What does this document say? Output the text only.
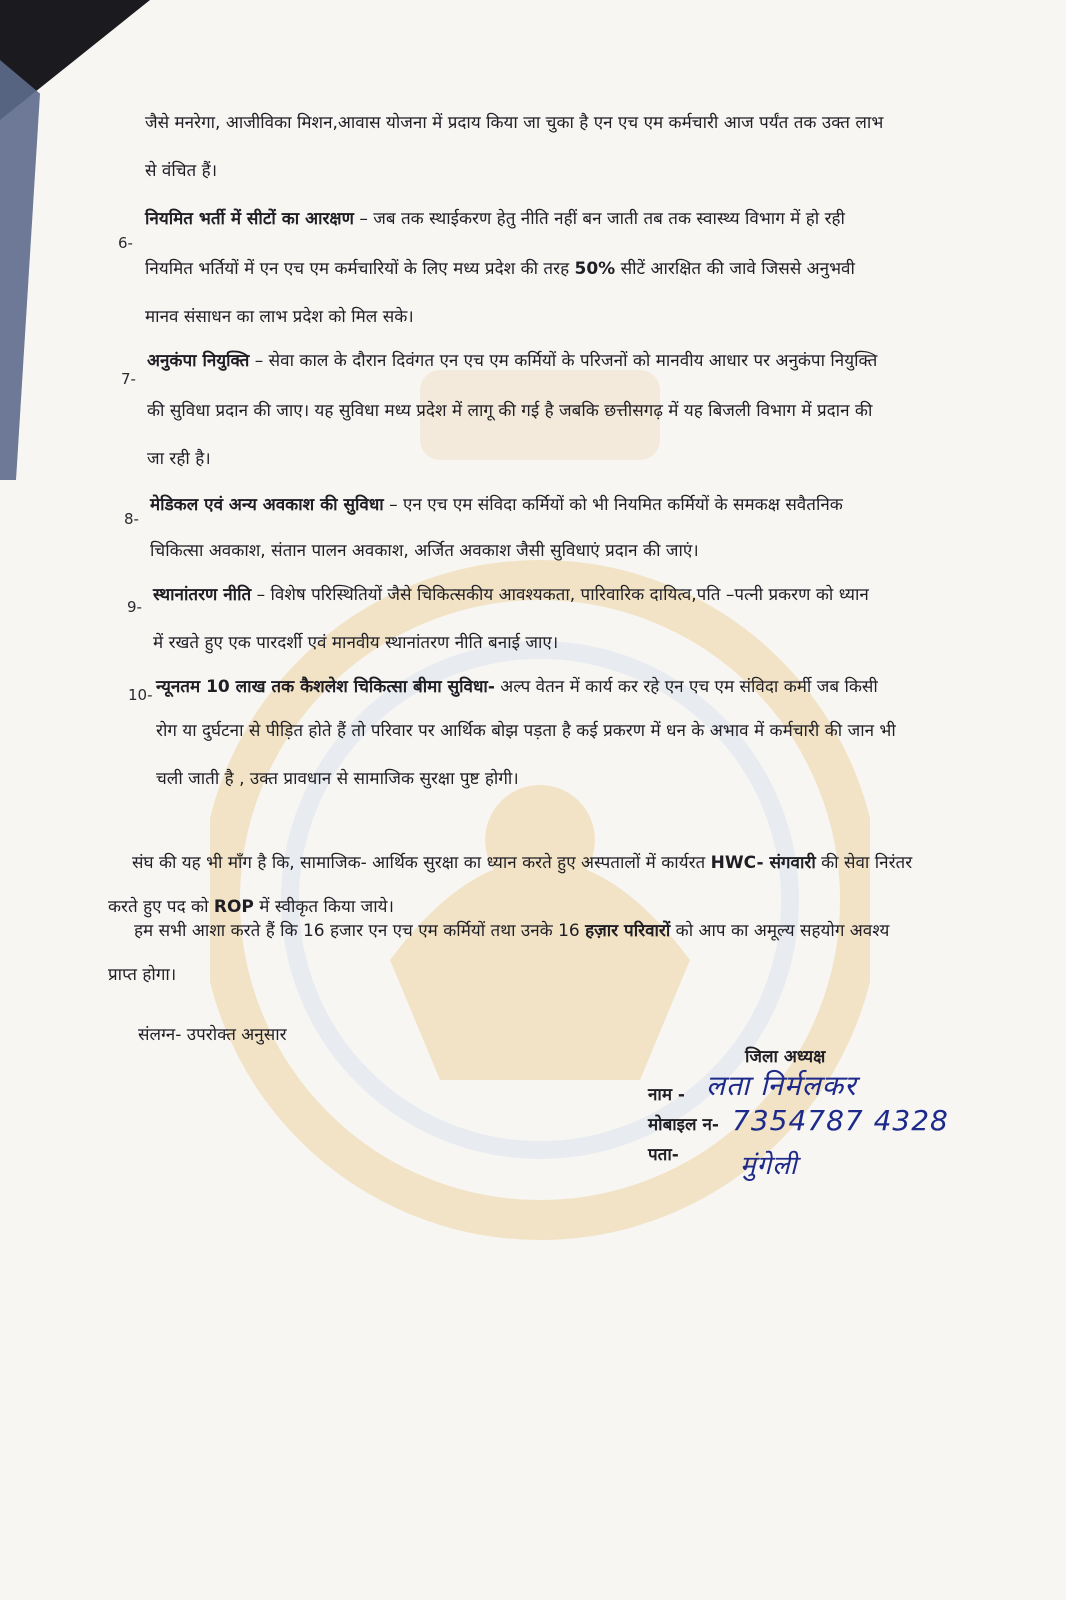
जैसे मनरेगा, आजीविका मिशन,आवास योजना में प्रदाय किया जा चुका है एन एच एम कर्मचारी आज पर्यंत तक उक्त लाभ
से वंचित हैं।
6-
नियमित भर्ती में सीटों का आरक्षण – जब तक स्थाईकरण हेतु नीति नहीं बन जाती तब तक स्वास्थ्य विभाग में हो रही
नियमित भर्तियों में एन एच एम कर्मचारियों के लिए मध्य प्रदेश की तरह 50% सीटें आरक्षित की जावे जिससे अनुभवी
मानव संसाधन का लाभ प्रदेश को मिल सके।
7-
अनुकंपा नियुक्ति – सेवा काल के दौरान दिवंगत एन एच एम कर्मियों के परिजनों को मानवीय आधार पर अनुकंपा नियुक्ति
की सुविधा प्रदान की जाए। यह सुविधा मध्य प्रदेश में लागू की गई है जबकि छत्तीसगढ़ में यह बिजली विभाग में प्रदान की
जा रही है।
8-
मेडिकल एवं अन्य अवकाश की सुविधा – एन एच एम संविदा कर्मियों को भी नियमित कर्मियों के समकक्ष सवैतनिक
चिकित्सा अवकाश, संतान पालन अवकाश, अर्जित अवकाश जैसी सुविधाएं प्रदान की जाएं।
9-
स्थानांतरण नीति – विशेष परिस्थितियों जैसे चिकित्सकीय आवश्यकता, पारिवारिक दायित्व,पति –पत्नी प्रकरण को ध्यान
में रखते हुए एक पारदर्शी एवं मानवीय स्थानांतरण नीति बनाई जाए।
10- न्यूनतम 10 लाख तक कैशलेश चिकित्सा बीमा सुविधा- अल्प वेतन में कार्य कर रहे एन एच एम संविदा कर्मी जब किसी
रोग या दुर्घटना से पीड़ित होते हैं तो परिवार पर आर्थिक बोझ पड़ता है कई प्रकरण में धन के अभाव में कर्मचारी की जान भी
चली जाती है , उक्त प्रावधान से सामाजिक सुरक्षा पुष्ट होगी।
संघ की यह भी माँग है कि, सामाजिक- आर्थिक सुरक्षा का ध्यान करते हुए अस्पतालों में कार्यरत HWC- संगवारी की सेवा निरंतर
करते हुए पद को ROP में स्वीकृत किया जाये।
हम सभी आशा करते हैं कि 16 हजार एन एच एम कर्मियों तथा उनके 16 हज़ार परिवारों को आप का अमूल्य सहयोग अवश्य
प्राप्त होगा।
संलग्न- उपरोक्त अनुसार
जिला अध्यक्ष
नाम -
मोबाइल न-
पता-
लता निर्मलकर
7354787 4328
मुंगेली
